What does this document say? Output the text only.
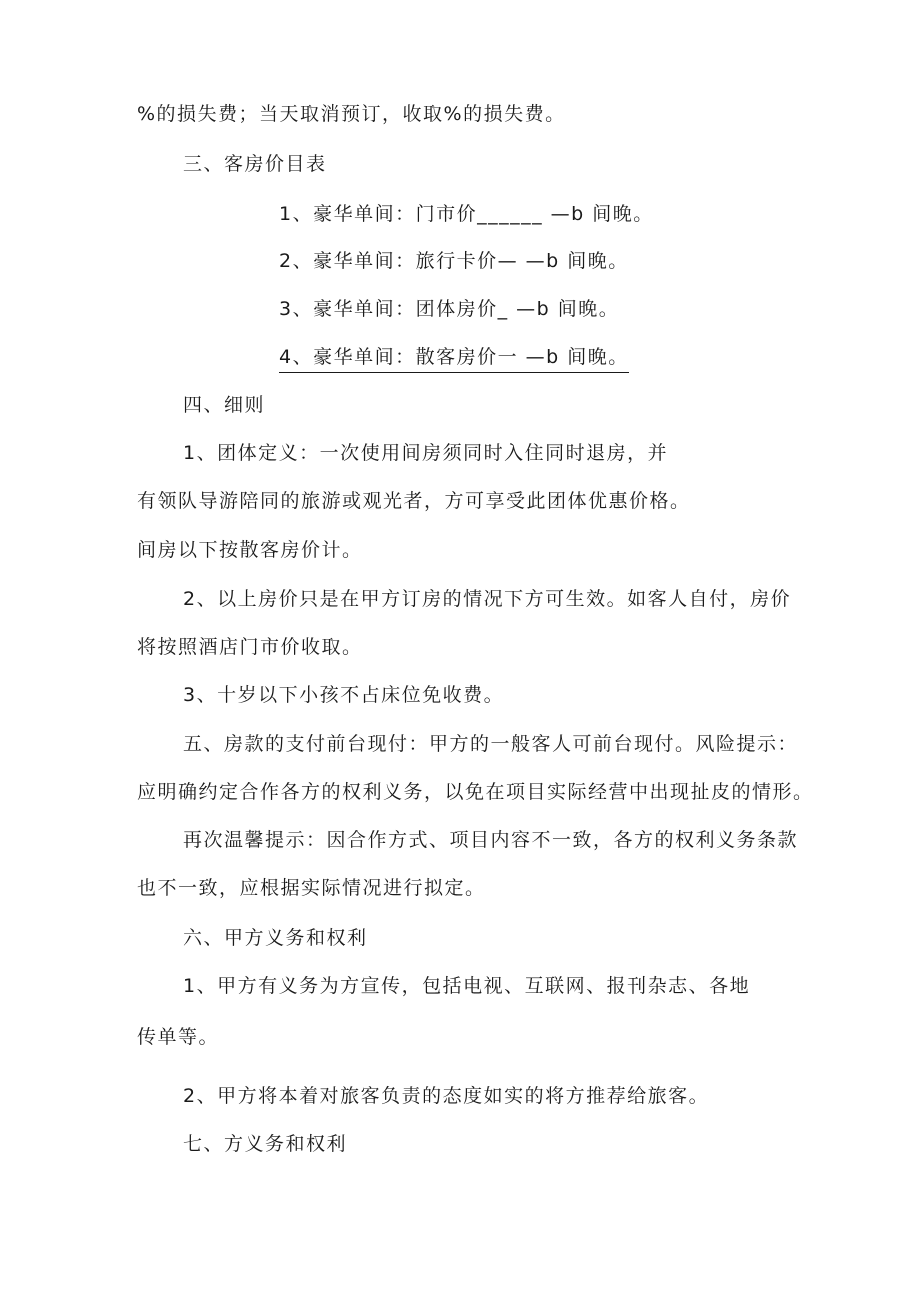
%的损失费；当天取消预订，收取%的损失费。
三、客房价目表
1、豪华单间：门市价______ —b 间晚。
2、豪华单间：旅行卡价— —b 间晚。
3、豪华单间：团体房价_ —b 间晚。
4、豪华单间：散客房价一 —b 间晚。
四、细则
1、团体定义：一次使用间房须同时入住同时退房，并
有领队导游陪同的旅游或观光者，方可享受此团体优惠价格。
间房以下按散客房价计。
2、以上房价只是在甲方订房的情况下方可生效。如客人自付，房价
将按照酒店门市价收取。
3、十岁以下小孩不占床位免收费。
五、房款的支付前台现付：甲方的一般客人可前台现付。风险提示：
应明确约定合作各方的权利义务，以免在项目实际经营中出现扯皮的情形。
再次温馨提示：因合作方式、项目内容不一致，各方的权利义务条款
也不一致，应根据实际情况进行拟定。
六、甲方义务和权利
1、甲方有义务为方宣传，包括电视、互联网、报刊杂志、各地
传单等。
2、甲方将本着对旅客负责的态度如实的将方推荐给旅客。
七、方义务和权利
